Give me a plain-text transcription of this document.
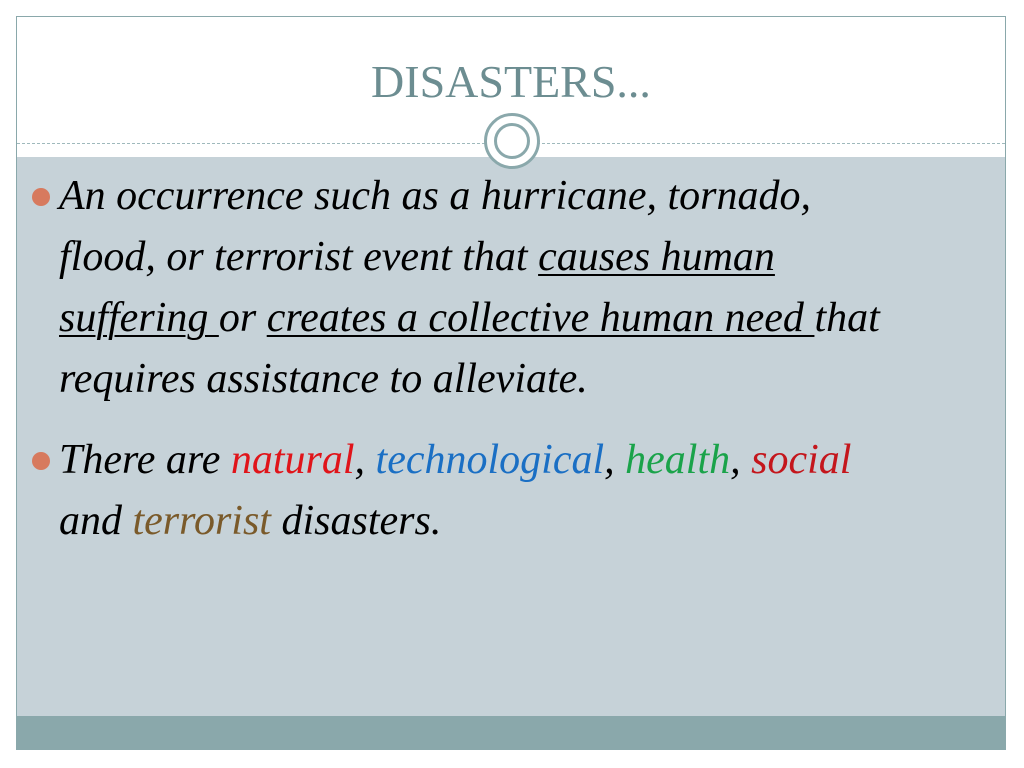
DISASTERS...
An occurrence such as a hurricane, tornado, flood, or terrorist event that causes human suffering or creates a collective human need that requires assistance to alleviate.
There are natural, technological, health, social and terrorist disasters.
